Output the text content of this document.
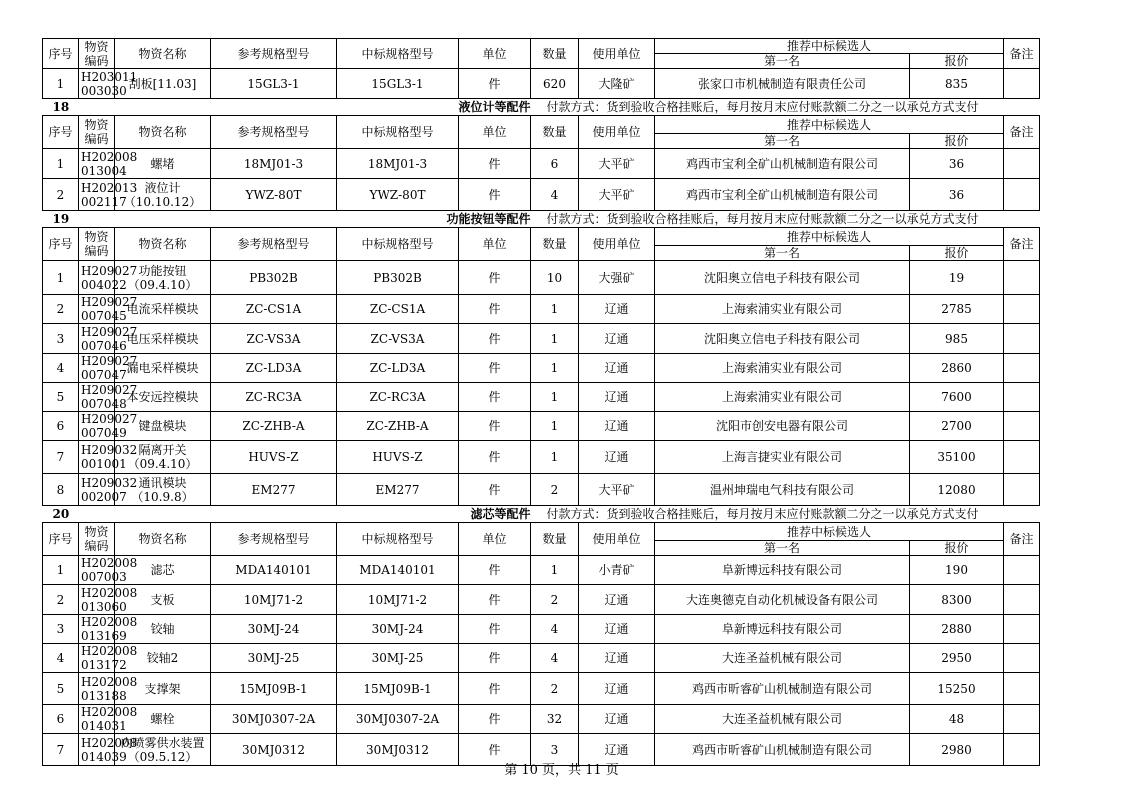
序号	物资编码	物资名称	参考规格型号	中标规格型号	单位	数量	使用单位	推荐中标候选人		备注
								第一名	报价	
1	H203011
003030	刮板[11.03]	15GL3-1	15GL3-1	件	620	大隆矿	张家口市机械制造有限责任公司	835	
18		液位计等配件				付款方式：货到验收合格挂账后，每月按月末应付账款额二分之一以承兑方式支付				
序号	物资编码	物资名称	参考规格型号	中标规格型号	单位	数量	使用单位	推荐中标候选人		备注
								第一名	报价	
1	H202008
013004	螺堵	18MJ01-3	18MJ01-3	件	6	大平矿	鸡西市宝利全矿山机械制造有限公司	36	
2	H202013
002117	液位计
（10.10.12）	YWZ-80T	YWZ-80T	件	4	大平矿	鸡西市宝利全矿山机械制造有限公司	36	
19		功能按钮等配件				付款方式：货到验收合格挂账后，每月按月末应付账款额二分之一以承兑方式支付				
序号	物资编码	物资名称	参考规格型号	中标规格型号	单位	数量	使用单位	推荐中标候选人		备注
								第一名	报价	
1	H209027
004022	功能按钮
（09.4.10）	PB302B	PB302B	件	10	大强矿	沈阳奥立信电子科技有限公司	19	
2	H209027
007045	电流采样模块	ZC-CS1A	ZC-CS1A	件	1	辽通	上海索浦实业有限公司	2785	
3	H209027
007046	电压采样模块	ZC-VS3A	ZC-VS3A	件	1	辽通	沈阳奥立信电子科技有限公司	985	
4	H209027
007047	漏电采样模块	ZC-LD3A	ZC-LD3A	件	1	辽通	上海索浦实业有限公司	2860	
5	H209027
007048	本安远控模块	ZC-RC3A	ZC-RC3A	件	1	辽通	上海索浦实业有限公司	7600	
6	H209027
007049	键盘模块	ZC-ZHB-A	ZC-ZHB-A	件	1	辽通	沈阳市创安电器有限公司	2700	
7	H209032
001001	隔离开关
（09.4.10）	HUVS-Z	HUVS-Z	件	1	辽通	上海言捷实业有限公司	35100	
8	H209032
002007	通讯模块
（10.9.8）	EM277	EM277	件	2	大平矿	温州坤瑞电气科技有限公司	12080	
20		滤芯等配件				付款方式：货到验收合格挂账后，每月按月末应付账款额二分之一以承兑方式支付				
序号	物资编码	物资名称	参考规格型号	中标规格型号	单位	数量	使用单位	推荐中标候选人		备注
								第一名	报价	
1	H202008
007003	滤芯	MDA140101	MDA140101	件	1	小青矿	阜新博远科技有限公司	190	
2	H202008
013060	支板	10MJ71-2	10MJ71-2	件	2	辽通	大连奥德克自动化机械设备有限公司	8300	
3	H202008
013169	铰轴	30MJ-24	30MJ-24	件	4	辽通	阜新博远科技有限公司	2880	
4	H202008
013172	铰轴2	30MJ-25	30MJ-25	件	4	辽通	大连圣益机械有限公司	2950	
5	H202008
013188	支撑架	15MJ09B-1	15MJ09B-1	件	2	辽通	鸡西市昕睿矿山机械制造有限公司	15250	
6	H202008
014031	螺栓	30MJ0307-2A	30MJ0307-2A	件	32	辽通	大连圣益机械有限公司	48	
7	H202008
014039	内喷雾供水装置
（09.5.12）	30MJ0312	30MJ0312	件	3	辽通	鸡西市昕睿矿山机械制造有限公司	2980	
第 10 页，共 11 页
